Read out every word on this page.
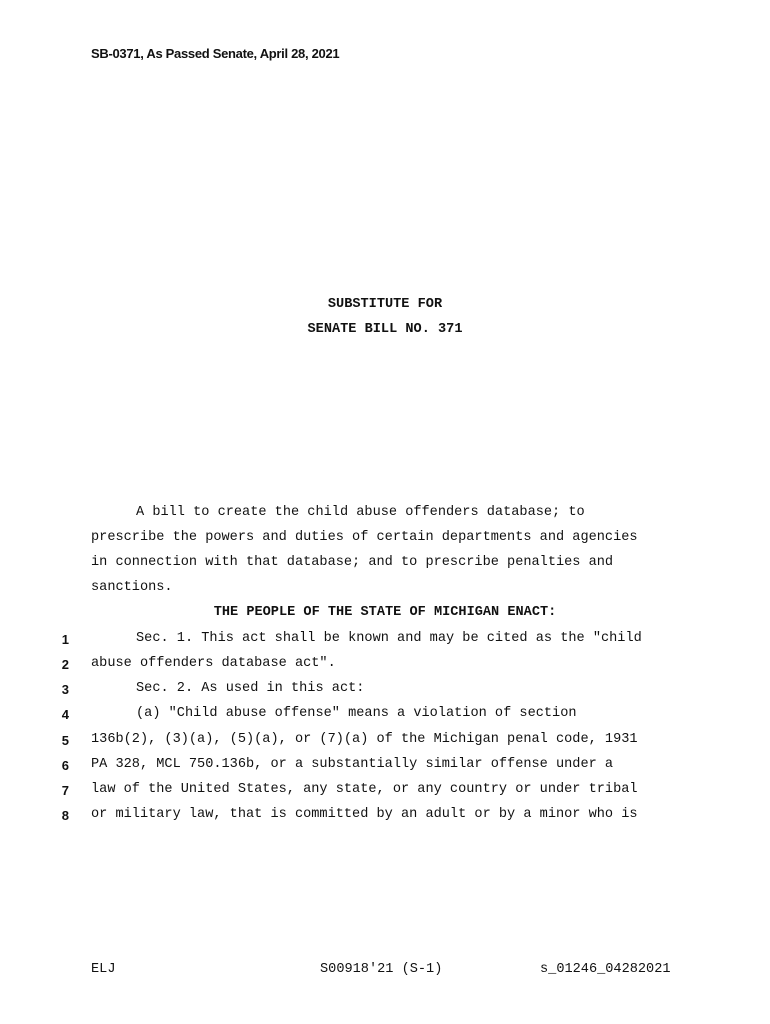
SB-0371, As Passed Senate, April 28, 2021
SUBSTITUTE FOR
SENATE BILL NO. 371
A bill to create the child abuse offenders database; to
prescribe the powers and duties of certain departments and agencies
in connection with that database; and to prescribe penalties and
sanctions.
THE PEOPLE OF THE STATE OF MICHIGAN ENACT:
1	Sec. 1. This act shall be known and may be cited as the "child
2 abuse offenders database act".
3	Sec. 2. As used in this act:
4	(a) "Child abuse offense" means a violation of section
5 136b(2), (3)(a), (5)(a), or (7)(a) of the Michigan penal code, 1931
6 PA 328, MCL 750.136b, or a substantially similar offense under a
7 law of the United States, any state, or any country or under tribal
8 or military law, that is committed by an adult or by a minor who is
ELJ	S00918'21 (S-1)	s_01246_04282021
